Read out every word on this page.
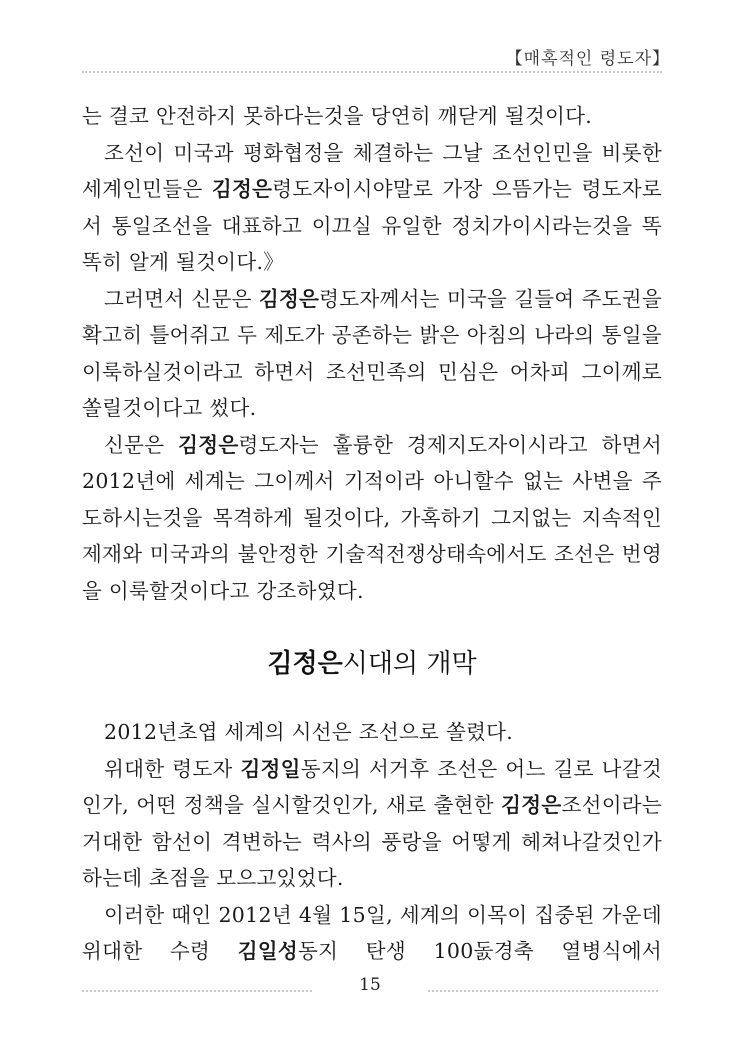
【매혹적인 령도자】

는 결코 안전하지 못하다는것을 당연히 깨닫게 될것이다.

조선이 미국과 평화협정을 체결하는 그날 조선인민을 비롯한 세계인민들은 김정은령도자이시야말로 가장 으뜸가는 령도자로서 통일조선을 대표하고 이끄실 유일한 정치가이시라는것을 똑똑히 알게 될것이다.》

그러면서 신문은 김정은령도자께서는 미국을 길들여 주도권을 확고히 틀어쥐고 두 제도가 공존하는 밝은 아침의 나라의 통일을 이룩하실것이라고 하면서 조선민족의 민심은 어차피 그이께로 쏠릴것이다고 썼다.

신문은 김정은령도자는 훌륭한 경제지도자이시라고 하면서 2012년에 세계는 그이께서 기적이라 아니할수 없는 사변을 주도하시는것을 목격하게 될것이다, 가혹하기 그지없는 지속적인 제재와 미국과의 불안정한 기술적전쟁상태속에서도 조선은 번영을 이룩할것이다고 강조하였다.

김정은시대의 개막

2012년초엽 세계의 시선은 조선으로 쏠렸다.

위대한 령도자 김정일동지의 서거후 조선은 어느 길로 나갈것인가, 어떤 정책을 실시할것인가, 새로 출현한 김정은조선이라는 거대한 함선이 격변하는 력사의 풍랑을 어떻게 헤쳐나갈것인가 하는데 초점을 모으고있었다.

이러한 때인 2012년 4월 15일, 세계의 이목이 집중된 가운데 위대한 수령 김일성동지 탄생 100돐경축 열병식에서

15
